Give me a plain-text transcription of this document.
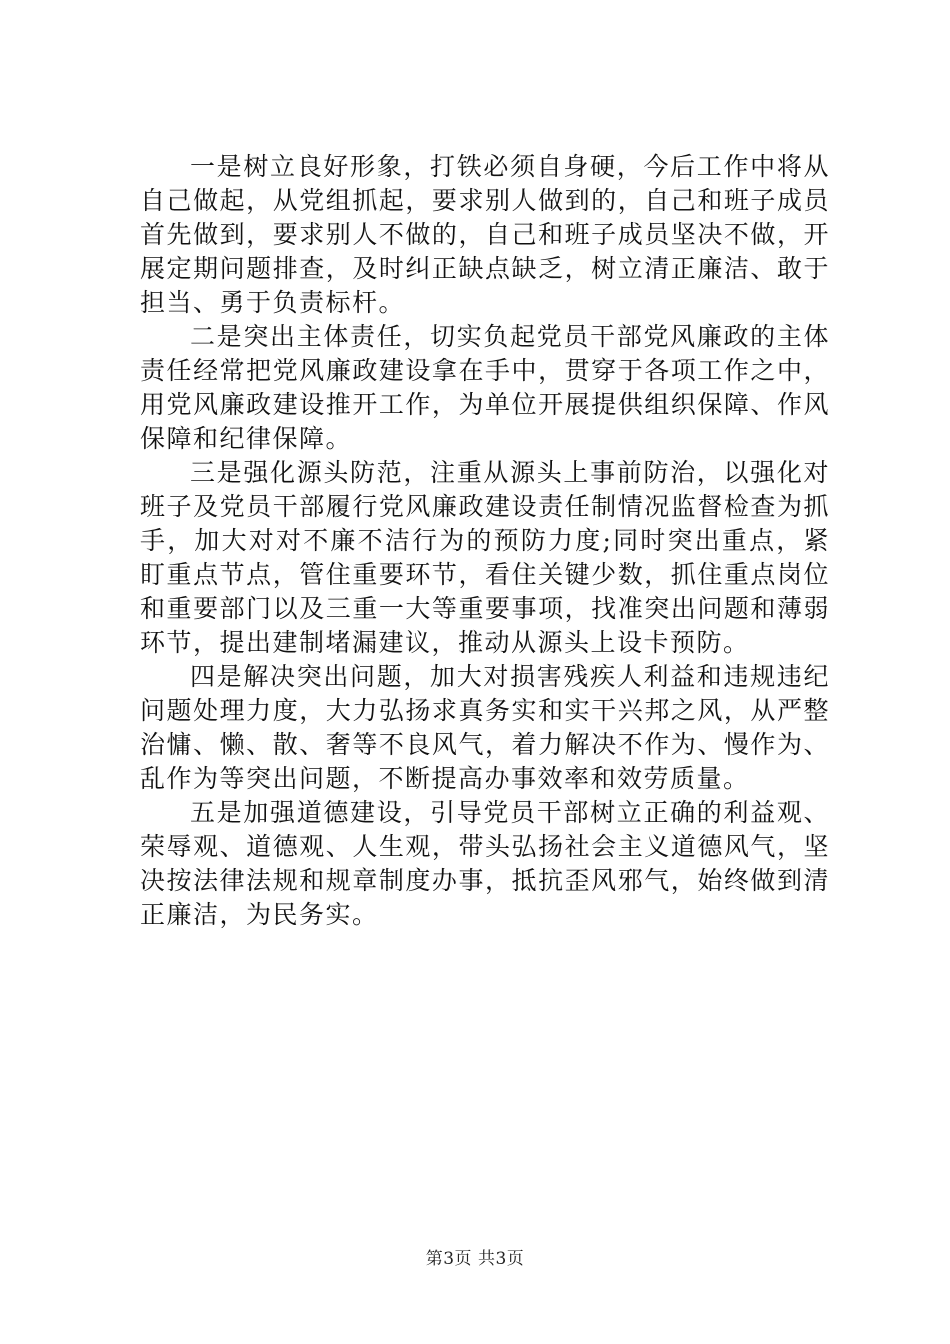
一是树立良好形象，打铁必须自身硬，今后工作中将从自己做起，从党组抓起，要求别人做到的，自己和班子成员首先做到，要求别人不做的，自己和班子成员坚决不做，开展定期问题排查，及时纠正缺点缺乏，树立清正廉洁、敢于担当、勇于负责标杆。

二是突出主体责任，切实负起党员干部党风廉政的主体责任经常把党风廉政建设拿在手中，贯穿于各项工作之中，用党风廉政建设推开工作，为单位开展提供组织保障、作风保障和纪律保障。

三是强化源头防范，注重从源头上事前防治，以强化对班子及党员干部履行党风廉政建设责任制情况监督检查为抓手，加大对对不廉不洁行为的预防力度;同时突出重点，紧盯重点节点，管住重要环节，看住关键少数，抓住重点岗位和重要部门以及三重一大等重要事项，找准突出问题和薄弱环节，提出建制堵漏建议，推动从源头上设卡预防。

四是解决突出问题，加大对损害残疾人利益和违规违纪问题处理力度，大力弘扬求真务实和实干兴邦之风，从严整治慵、懒、散、奢等不良风气，着力解决不作为、慢作为、乱作为等突出问题，不断提高办事效率和效劳质量。

五是加强道德建设，引导党员干部树立正确的利益观、荣辱观、道德观、人生观，带头弘扬社会主义道德风气，坚决按法律法规和规章制度办事，抵抗歪风邪气，始终做到清正廉洁，为民务实。

第3页 共3页
